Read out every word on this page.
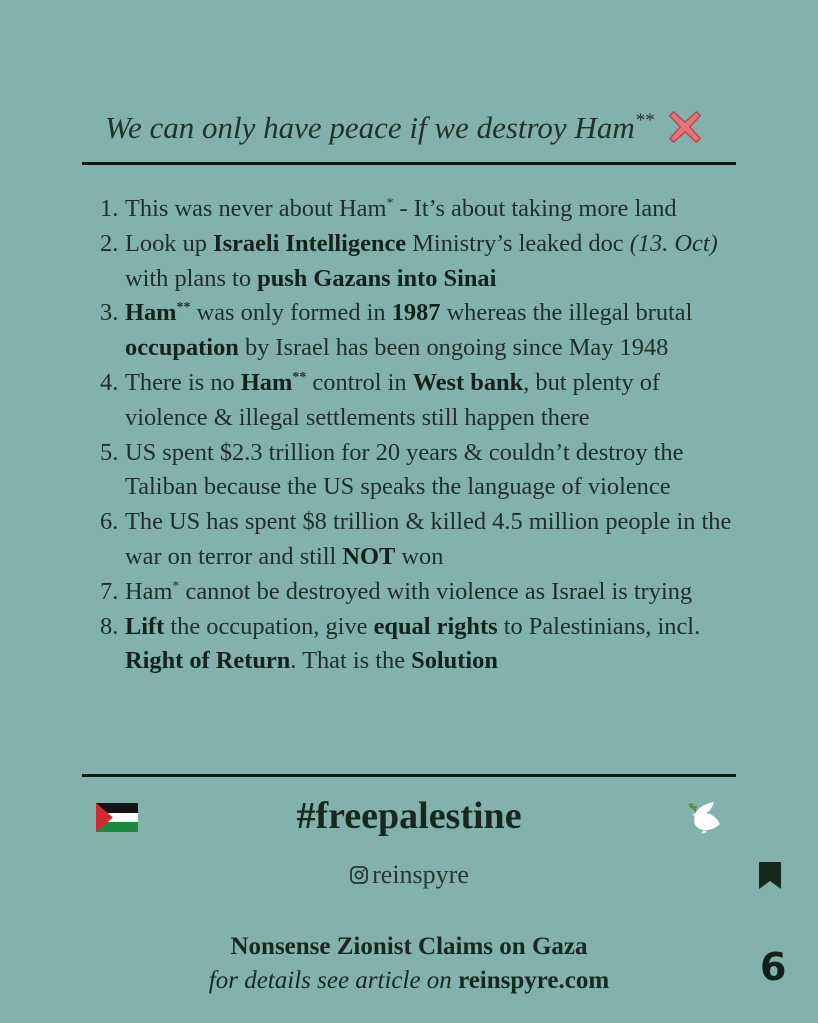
We can only have peace if we destroy Ham**
1. This was never about Ham* - It’s about taking more land
2. Look up Israeli Intelligence Ministry’s leaked doc (13. Oct) with plans to push Gazans into Sinai
3. Ham** was only formed in 1987 whereas the illegal brutal occupation by Israel has been ongoing since May 1948
4. There is no Ham** control in West bank, but plenty of violence & illegal settlements still happen there
5. US spent $2.3 trillion for 20 years & couldn’t destroy the Taliban because the US speaks the language of violence
6. The US has spent $8 trillion & killed 4.5 million people in the war on terror and still NOT won
7. Ham* cannot be destroyed with violence as Israel is trying
8. Lift the occupation, give equal rights to Palestinians, incl. Right of Return. That is the Solution
#freepalestine
reinspyre
Nonsense Zionist Claims on Gaza
for details see article on reinspyre.com	6
